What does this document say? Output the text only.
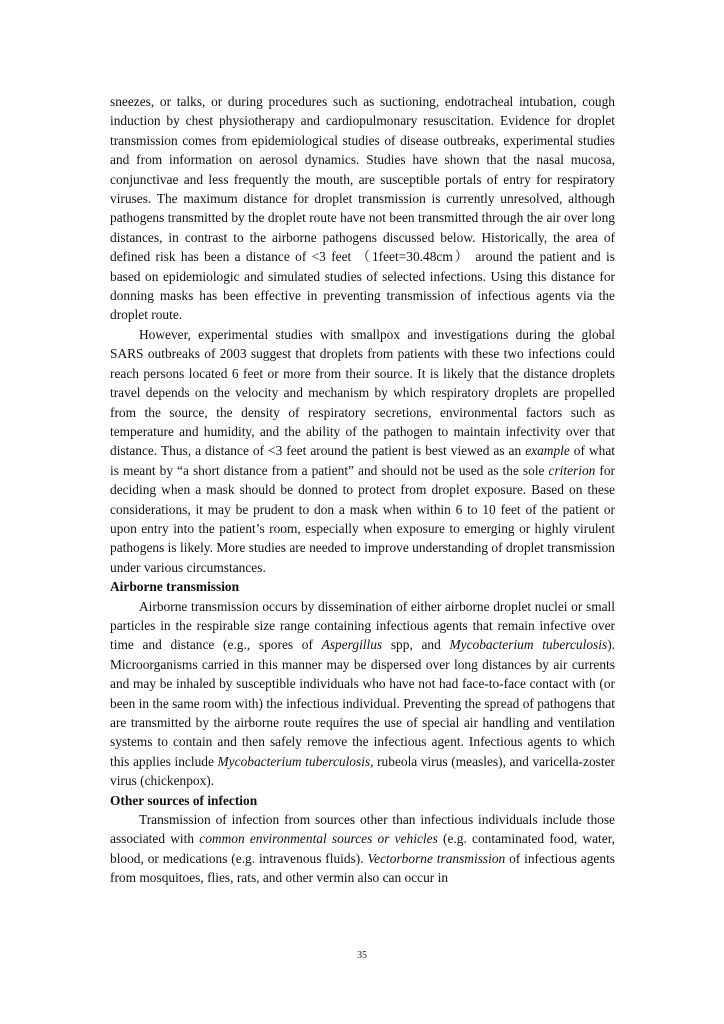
sneezes, or talks, or during procedures such as suctioning, endotracheal intubation, cough induction by chest physiotherapy and cardiopulmonary resuscitation. Evidence for droplet transmission comes from epidemiological studies of disease outbreaks, experimental studies and from information on aerosol dynamics. Studies have shown that the nasal mucosa, conjunctivae and less frequently the mouth, are susceptible portals of entry for respiratory viruses. The maximum distance for droplet transmission is currently unresolved, although pathogens transmitted by the droplet route have not been transmitted through the air over long distances, in contrast to the airborne pathogens discussed below. Historically, the area of defined risk has been a distance of <3 feet （1feet=30.48cm） around the patient and is based on epidemiologic and simulated studies of selected infections. Using this distance for donning masks has been effective in preventing transmission of infectious agents via the droplet route.

However, experimental studies with smallpox and investigations during the global SARS outbreaks of 2003 suggest that droplets from patients with these two infections could reach persons located 6 feet or more from their source. It is likely that the distance droplets travel depends on the velocity and mechanism by which respiratory droplets are propelled from the source, the density of respiratory secretions, environmental factors such as temperature and humidity, and the ability of the pathogen to maintain infectivity over that distance. Thus, a distance of <3 feet around the patient is best viewed as an example of what is meant by “a short distance from a patient” and should not be used as the sole criterion for deciding when a mask should be donned to protect from droplet exposure. Based on these considerations, it may be prudent to don a mask when within 6 to 10 feet of the patient or upon entry into the patient’s room, especially when exposure to emerging or highly virulent pathogens is likely. More studies are needed to improve understanding of droplet transmission under various circumstances.

Airborne transmission

Airborne transmission occurs by dissemination of either airborne droplet nuclei or small particles in the respirable size range containing infectious agents that remain infective over time and distance (e.g., spores of Aspergillus spp, and Mycobacterium tuberculosis). Microorganisms carried in this manner may be dispersed over long distances by air currents and may be inhaled by susceptible individuals who have not had face-to-face contact with (or been in the same room with) the infectious individual. Preventing the spread of pathogens that are transmitted by the airborne route requires the use of special air handling and ventilation systems to contain and then safely remove the infectious agent. Infectious agents to which this applies include Mycobacterium tuberculosis, rubeola virus (measles), and varicella-zoster virus (chickenpox).

Other sources of infection

Transmission of infection from sources other than infectious individuals include those associated with common environmental sources or vehicles (e.g. contaminated food, water, blood, or medications (e.g. intravenous fluids). Vectorborne transmission of infectious agents from mosquitoes, flies, rats, and other vermin also can occur in

35
